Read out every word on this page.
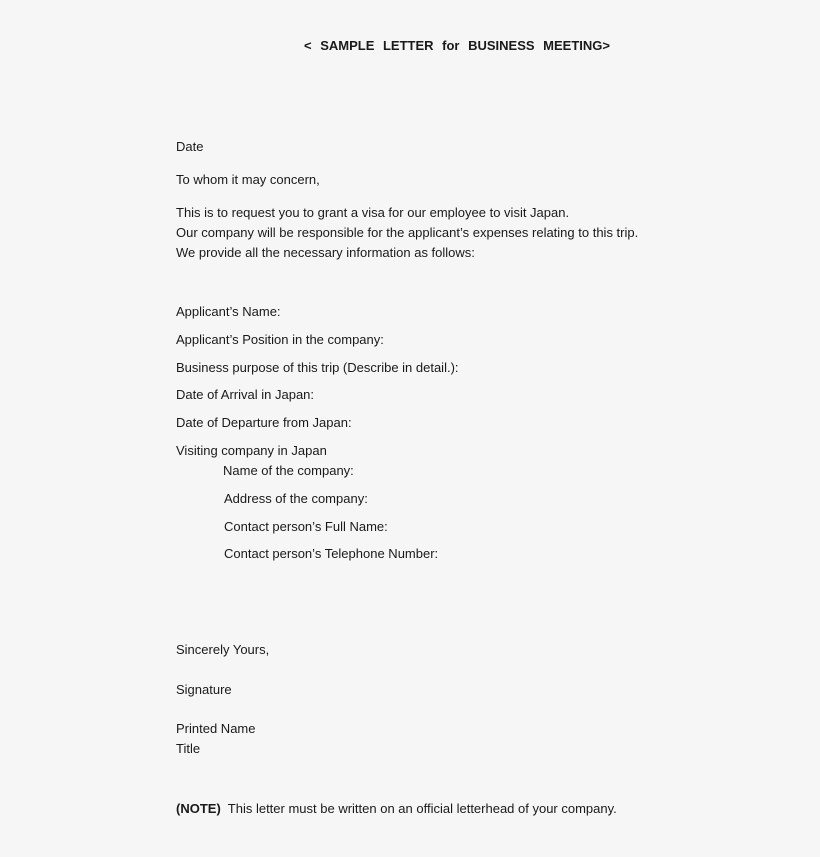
< SAMPLE LETTER for BUSINESS MEETING>
Date
To whom it may concern,
This is to request you to grant a visa for our employee to visit Japan.
Our company will be responsible for the applicant’s expenses relating to this trip.
We provide all the necessary information as follows:
Applicant’s Name:
Applicant’s Position in the company:
Business purpose of this trip (Describe in detail.):
Date of Arrival in Japan:
Date of Departure from Japan:
Visiting company in Japan
Name of the company:
Address of the company:
Contact person’s Full Name:
Contact person’s Telephone Number:
Sincerely Yours,
Signature
Printed Name
Title
(NOTE) This letter must be written on an official letterhead of your company.
